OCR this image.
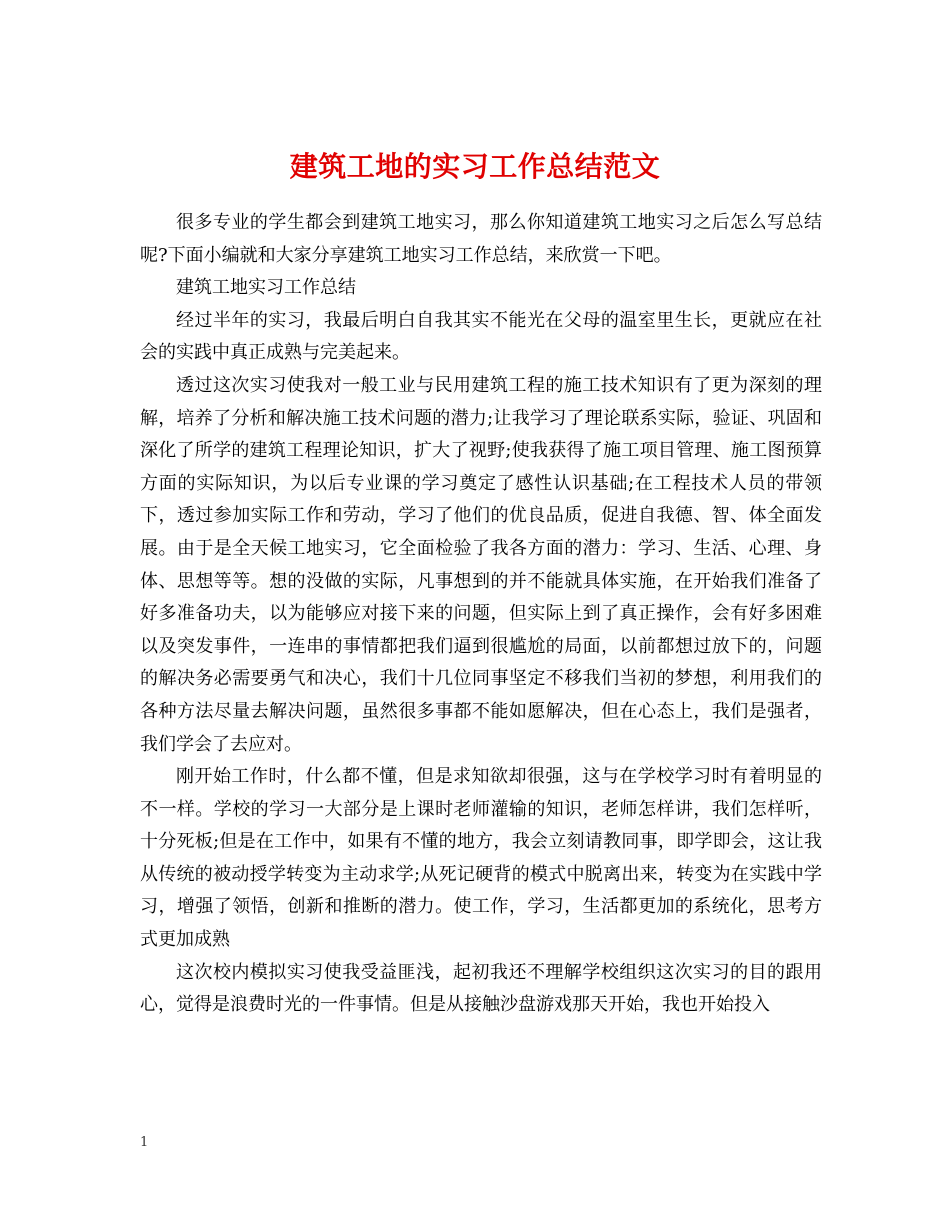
建筑工地的实习工作总结范文

很多专业的学生都会到建筑工地实习，那么你知道建筑工地实习之后怎么写总结呢?下面小编就和大家分享建筑工地实习工作总结，来欣赏一下吧。

建筑工地实习工作总结

经过半年的实习，我最后明白自我其实不能光在父母的温室里生长，更就应在社会的实践中真正成熟与完美起来。

透过这次实习使我对一般工业与民用建筑工程的施工技术知识有了更为深刻的理解，培养了分析和解决施工技术问题的潜力;让我学习了理论联系实际，验证、巩固和深化了所学的建筑工程理论知识，扩大了视野;使我获得了施工项目管理、施工图预算方面的实际知识，为以后专业课的学习奠定了感性认识基础;在工程技术人员的带领下，透过参加实际工作和劳动，学习了他们的优良品质，促进自我德、智、体全面发展。由于是全天候工地实习，它全面检验了我各方面的潜力：学习、生活、心理、身体、思想等等。想的没做的实际，凡事想到的并不能就具体实施，在开始我们准备了好多准备功夫，以为能够应对接下来的问题，但实际上到了真正操作，会有好多困难以及突发事件，一连串的事情都把我们逼到很尴尬的局面，以前都想过放下的，问题的解决务必需要勇气和决心，我们十几位同事坚定不移我们当初的梦想，利用我们的各种方法尽量去解决问题，虽然很多事都不能如愿解决，但在心态上，我们是强者，我们学会了去应对。

刚开始工作时，什么都不懂，但是求知欲却很强，这与在学校学习时有着明显的不一样。学校的学习一大部分是上课时老师灌输的知识，老师怎样讲，我们怎样听，十分死板;但是在工作中，如果有不懂的地方，我会立刻请教同事，即学即会，这让我从传统的被动授学转变为主动求学;从死记硬背的模式中脱离出来，转变为在实践中学习，增强了领悟，创新和推断的潜力。使工作，学习，生活都更加的系统化，思考方式更加成熟

这次校内模拟实习使我受益匪浅，起初我还不理解学校组织这次实习的目的跟用心，觉得是浪费时光的一件事情。但是从接触沙盘游戏那天开始，我也开始投入

1
